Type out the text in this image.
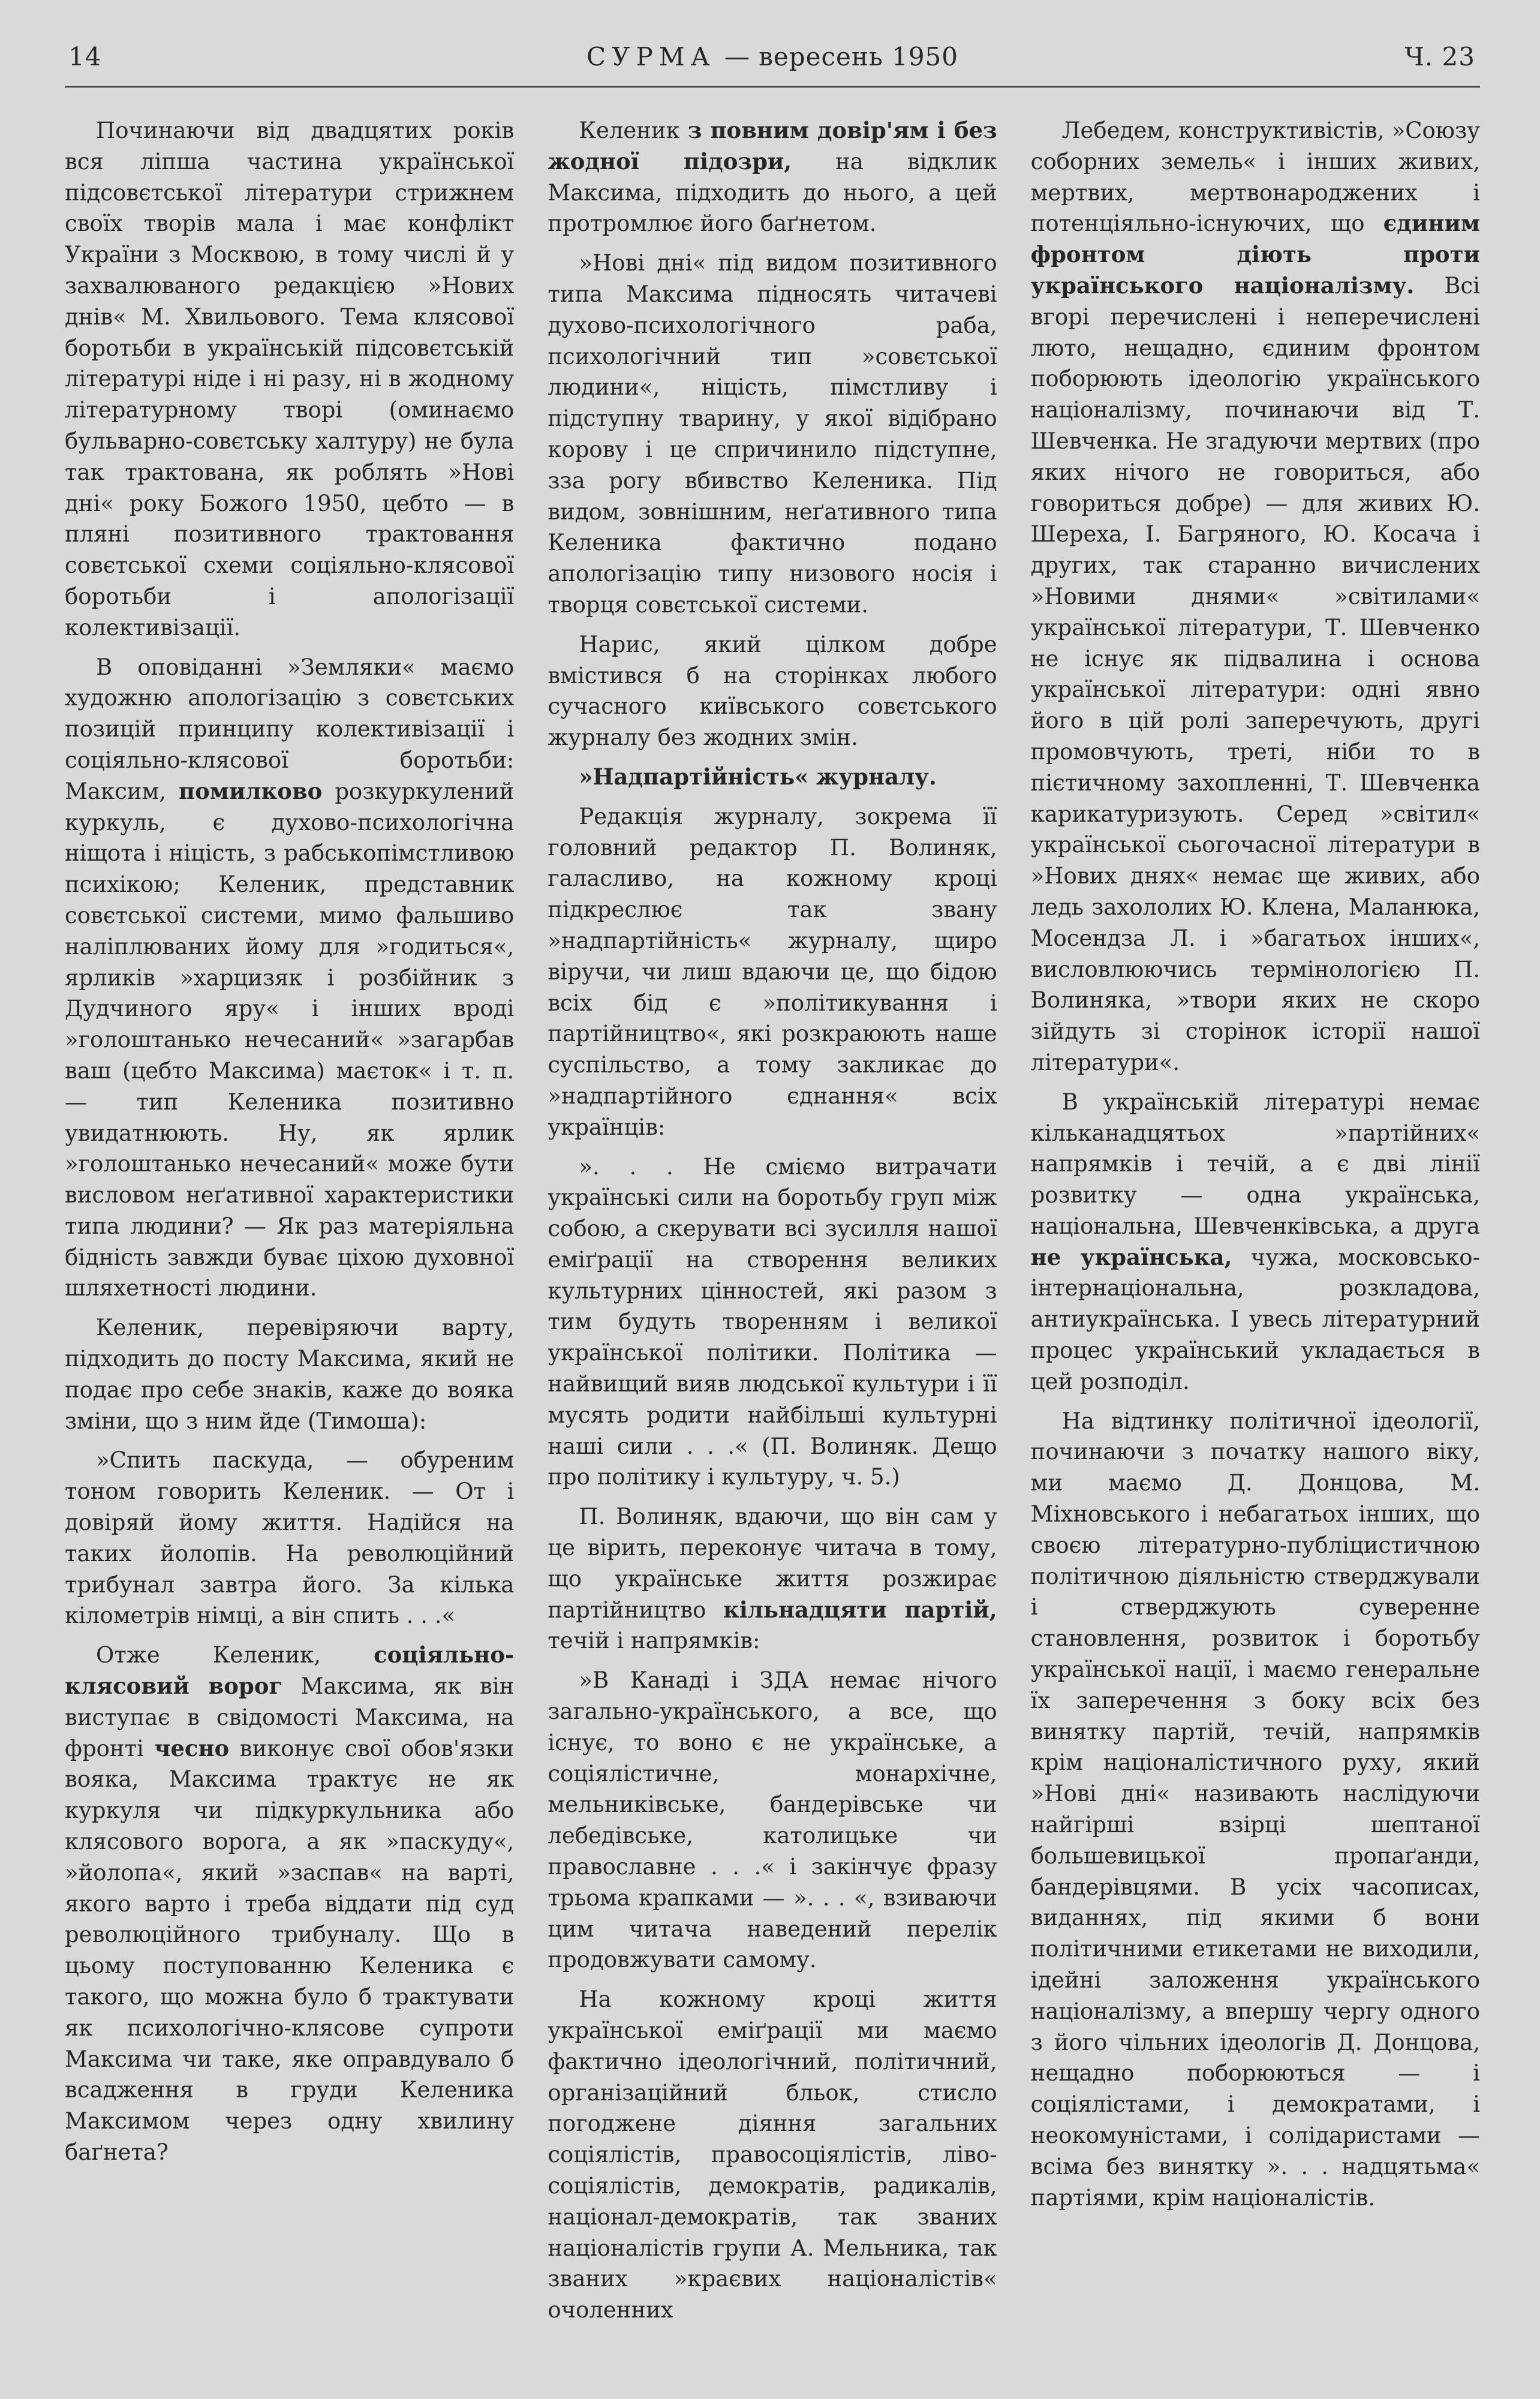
14	СУРМА — вересень 1950	Ч. 23

Починаючи від двадцятих років вся ліпша частина української підсовєтської літератури стрижнем своїх творів мала і має конфлікт України з Москвою, в тому числі й у захвалюваного редакцією »Нових днів« М. Хвильового. Тема клясової боротьби в українській підсовєтській літературі ніде і ні разу, ні в жодному літературному творі (оминаємо бульварно-совєтську халтуру) не була так трактована, як роблять »Нові дні« року Божого 1950, цебто — в пляні позитивного трактовання совєтської схеми соціяльно-клясової боротьби і апологізації колективізації.

В оповіданні »Земляки« маємо художню апологізацію з совєтських позицій принципу колективізації і соціяльно-клясової боротьби: Максим, помилково розкуркулений куркуль, є духово-психологічна ніщота і ніцість, з рабськопімстливою психікою; Келеник, представник совєтської системи, мимо фальшиво наліплюваних йому для »годиться«, ярликів »харцизяк і розбійник з Дудчиного яру« і інших вроді »голоштанько нечесаний« »загарбав ваш (цебто Максима) маєток« і т. п. — тип Келеника позитивно увидатнюють. Ну, як ярлик »голоштанько нечесаний« може бути висловом неґативної характеристики типа людини? — Як раз матеріяльна бідність завжди буває ціхою духовної шляхетності людини.

Келеник, перевіряючи варту, підходить до посту Максима, який не подає про себе знаків, каже до вояка зміни, що з ним йде (Тимоша):

»Спить паскуда, — обуреним тоном говорить Келеник. — От і довіряй йому життя. Надійся на таких йолопів. На революційний трибунал завтра його. За кілька кілометрів німці, а він спить . . .«

Отже Келеник, соціяльно-клясовий ворог Максима, як він виступає в свідомості Максима, на фронті чесно виконує свої обов'язки вояка, Максима трактує не як куркуля чи підкуркульника або клясового ворога, а як »паскуду«, »йолопа«, який »заспав« на варті, якого варто і треба віддати під суд революційного трибуналу. Що в цьому поступованню Келеника є такого, що можна було б трактувати як психологічно-клясове супроти Максима чи таке, яке оправдувало б всадження в груди Келеника Максимом через одну хвилину баґнета?

Келеник з повним довір'ям і без жодної підозри, на відклик Максима, підходить до нього, а цей протромлює його баґнетом.

»Нові дні« під видом позитивного типа Максима підносять читачеві духово-психологічного раба, психологічний тип »совєтської людини«, ніцість, пімстливу і підступну тварину, у якої відібрано корову і це спричинило підступне, зза рогу вбивство Келеника. Під видом, зовнішним, неґативного типа Келеника фактично подано апологізацію типу низового носія і творця совєтської системи.

Нарис, який цілком добре вмістився б на сторінках любого сучасного київського совєтського журналу без жодних змін.

»Надпартійність« журналу.

Редакція журналу, зокрема її головний редактор П. Волиняк, галасливо, на кожному кроці підкреслює так звану »надпартійність« журналу, щиро віручи, чи лиш вдаючи це, що бідою всіх бід є »політикування і партійництво«, які розкраюють наше суспільство, а тому закликає до »надпартійного єднання« всіх українців:

». . . Не сміємо витрачати українські сили на боротьбу груп між собою, а скерувати всі зусилля нашої еміґрації на створення великих культурних цінностей, які разом з тим будуть творенням і великої української політики. Політика — найвищий вияв людської культури і її мусять родити найбільші культурні наші сили . . .« (П. Волиняк. Дещо про політику і культуру, ч. 5.)

П. Волиняк, вдаючи, що він сам у це вірить, переконує читача в тому, що українське життя розжирає партійництво кільнадцяти партій, течій і напрямків:

»В Канаді і ЗДА немає нічого загально-українського, а все, що існує, то воно є не українське, а соціялістичне, монархічне, мельниківське, бандерівське чи лебедівське, католицьке чи православне . . .« і закінчує фразу трьома крапками — ». . . «, взиваючи цим читача наведений перелік продовжувати самому.

На кожному кроці життя української еміґрації ми маємо фактично ідеологічний, політичний, організаційний бльок, стисло погоджене діяння загальних соціялістів, правосоціялістів, ліво-соціялістів, демократів, радикалів, націонал-демократів, так званих націоналістів групи А. Мельника, так званих »краєвих націоналістів« очоленних

Лебедем, конструктивістів, »Союзу соборних земель« і інших живих, мертвих, мертвонароджених і потенціяльно-існуючих, що єдиним фронтом діють проти українського націоналізму. Всі вгорі перечислені і неперечислені люто, нещадно, єдиним фронтом поборюють ідеологію українського націоналізму, починаючи від Т. Шевченка. Не згадуючи мертвих (про яких нічого не говориться, або говориться добре) — для живих Ю. Шереха, І. Багряного, Ю. Косача і других, так старанно вичислених »Новими днями« »світилами« української літератури, Т. Шевченко не існує як підвалина і основа української літератури: одні явно його в цій ролі заперечують, другі промовчують, треті, ніби то в пієтичному захопленні, Т. Шевченка карикатуризують. Серед »світил« української сьогочасної літератури в »Нових днях« немає ще живих, або ледь захололих Ю. Клена, Маланюка, Мосендза Л. і »багатьох інших«, висловлюючись термінологією П. Волиняка, »твори яких не скоро зійдуть зі сторінок історії нашої літератури«.

В українській літературі немає кільканадцятьох »партійних« напрямків і течій, а є дві лінії розвитку — одна українська, національна, Шевченківська, а друга не українська, чужа, московсько-інтернаціональна, розкладова, антиукраїнська. І увесь літературний процес український укладається в цей розподіл.

На відтинку політичної ідеології, починаючи з початку нашого віку, ми маємо Д. Донцова, М. Міхновського і небагатьох інших, що своєю літературно-публіцистичною політичною діяльністю стверджували і стверджують суверенне становлення, розвиток і боротьбу української нації, і маємо генеральне їх заперечення з боку всіх без винятку партій, течій, напрямків крім націоналістичного руху, який »Нові дні« називають наслідуючи найгірші взірці шептаної большевицької пропаґанди, бандерівцями. В усіх часописах, виданнях, під якими б вони політичними етикетами не виходили, ідейні заложення українського націоналізму, а впершу чергу одного з його чільних ідеологів Д. Донцова, нещадно поборюються — і соціялістами, і демократами, і неокомуністами, і солідаристами — всіма без винятку ». . . надцятьма« партіями, крім націоналістів.
